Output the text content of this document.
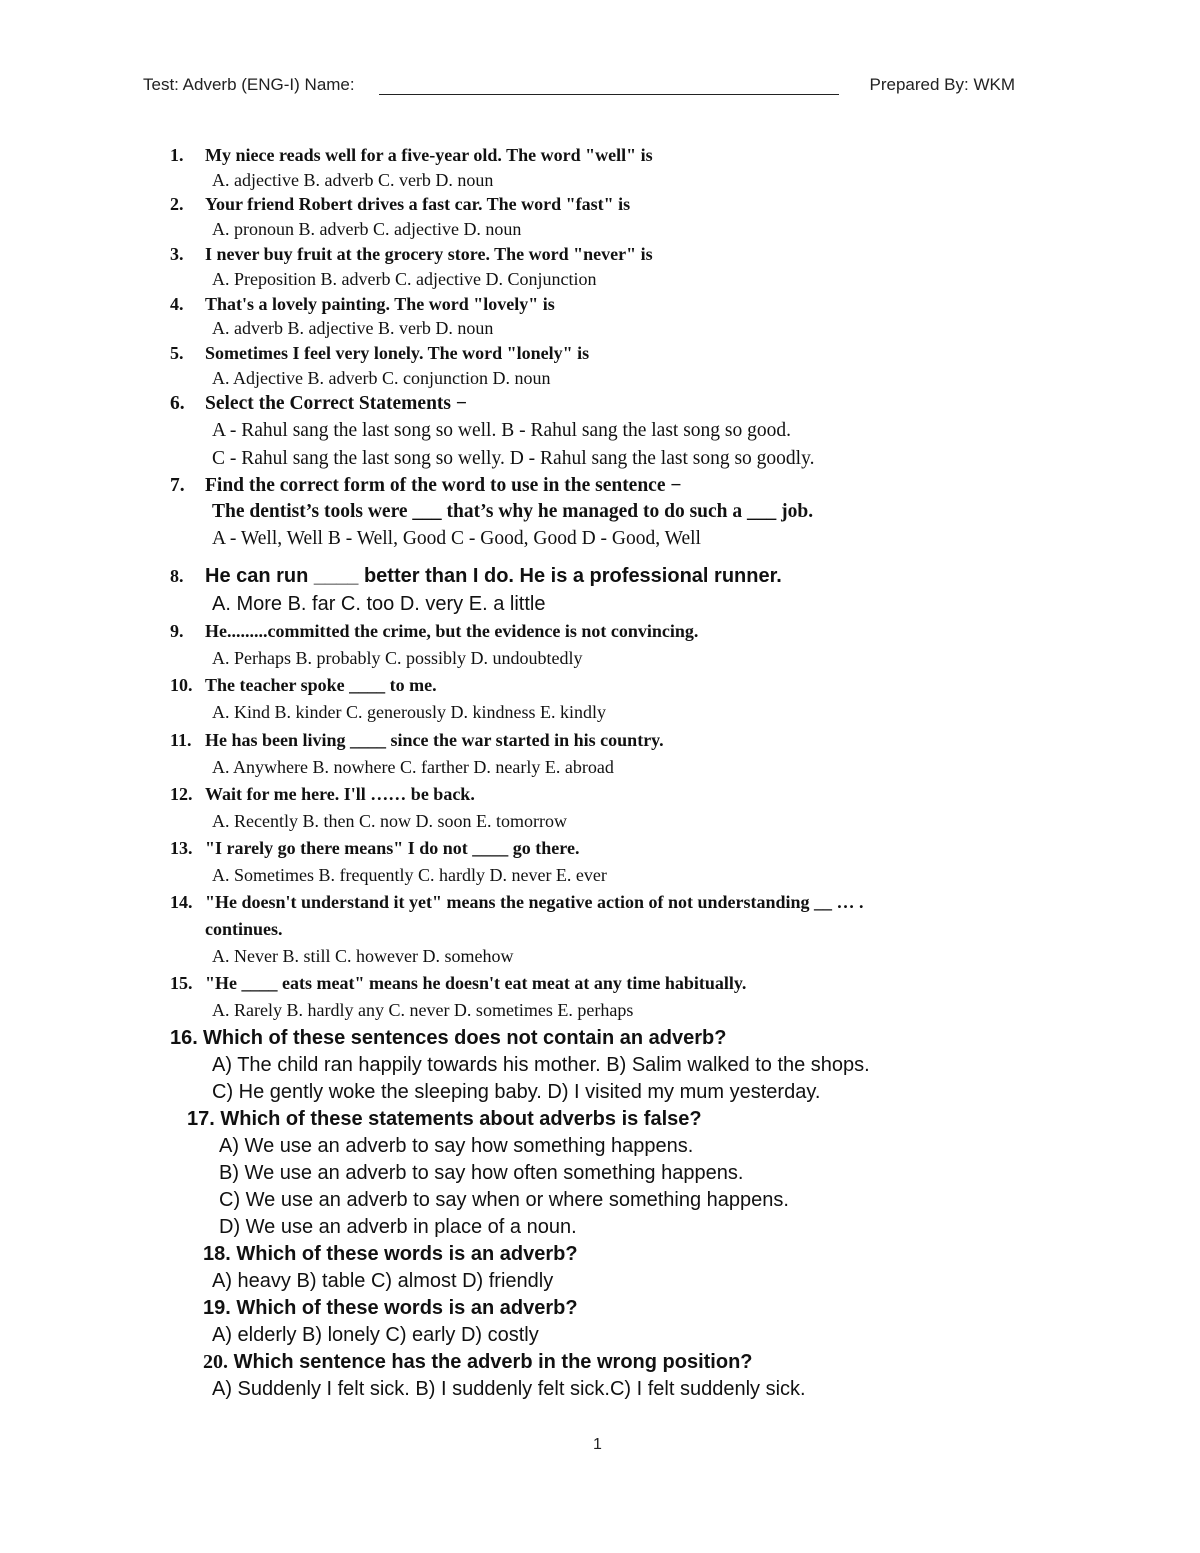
Test: Adverb (ENG-I) Name:	Prepared By: WKM
1. My niece reads well for a five-year old. The word "well" is
A. adjective B. adverb C. verb D. noun
2. Your friend Robert drives a fast car. The word "fast" is
A. pronoun B. adverb C. adjective D. noun
3. I never buy fruit at the grocery store. The word "never" is
A. Preposition B. adverb C. adjective D. Conjunction
4. That's a lovely painting. The word "lovely" is
A. adverb B. adjective B. verb D. noun
5. Sometimes I feel very lonely. The word "lonely" is
A. Adjective B. adverb C. conjunction D. noun
6. Select the Correct Statements −
A - Rahul sang the last song so well. B - Rahul sang the last song so good.
C - Rahul sang the last song so welly. D - Rahul sang the last song so goodly.
7. Find the correct form of the word to use in the sentence −
The dentist’s tools were ___ that’s why he managed to do such a ___ job.
A - Well, Well B - Well, Good C - Good, Good D - Good, Well
8. He can run ____ better than I do. He is a professional runner.
A. More B. far C. too D. very E. a little
9. He.........committed the crime, but the evidence is not convincing.
A. Perhaps B. probably C. possibly D. undoubtedly
10. The teacher spoke ____ to me.
A. Kind B. kinder C. generously D. kindness E. kindly
11. He has been living ____ since the war started in his country.
A. Anywhere B. nowhere C. farther D. nearly E. abroad
12. Wait for me here. I'll …… be back.
A. Recently B. then C. now D. soon E. tomorrow
13. "I rarely go there means" I do not ____ go there.
A. Sometimes B. frequently C. hardly D. never E. ever
14. "He doesn't understand it yet" means the negative action of not understanding __ … .
continues.
A. Never B. still C. however D. somehow
15. "He ____ eats meat" means he doesn't eat meat at any time habitually.
A. Rarely B. hardly any C. never D. sometimes E. perhaps
16. Which of these sentences does not contain an adverb?
A) The child ran happily towards his mother. B) Salim walked to the shops.
C) He gently woke the sleeping baby. D) I visited my mum yesterday.
17. Which of these statements about adverbs is false?
A) We use an adverb to say how something happens.
B) We use an adverb to say how often something happens.
C) We use an adverb to say when or where something happens.
D) We use an adverb in place of a noun.
18. Which of these words is an adverb?
A) heavy B) table C) almost D) friendly
19. Which of these words is an adverb?
A) elderly B) lonely C) early D) costly
20. Which sentence has the adverb in the wrong position?
A) Suddenly I felt sick. B) I suddenly felt sick.C) I felt suddenly sick.
1
